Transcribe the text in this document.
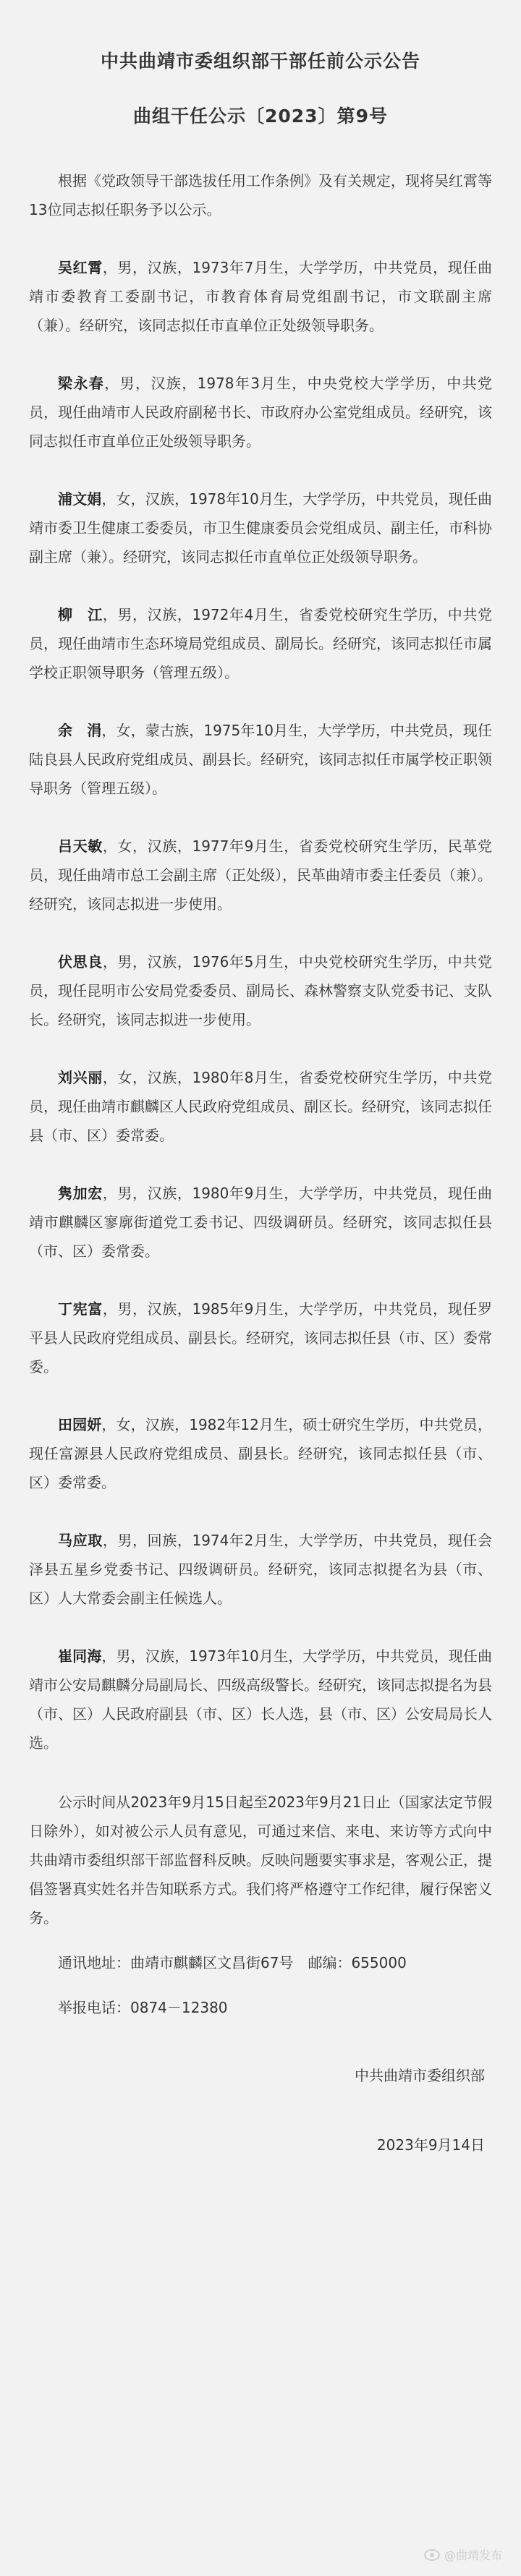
中共曲靖市委组织部干部任前公示公告
曲组干任公示〔2023〕第9号

根据《党政领导干部选拔任用工作条例》及有关规定，现将吴红霄等13位同志拟任职务予以公示。

吴红霄，男，汉族，1973年7月生，大学学历，中共党员，现任曲靖市委教育工委副书记，市教育体育局党组副书记，市文联副主席（兼）。经研究，该同志拟任市直单位正处级领导职务。

梁永春，男，汉族，1978年3月生，中央党校大学学历，中共党员，现任曲靖市人民政府副秘书长、市政府办公室党组成员。经研究，该同志拟任市直单位正处级领导职务。

浦文娟，女，汉族，1978年10月生，大学学历，中共党员，现任曲靖市委卫生健康工委委员，市卫生健康委员会党组成员、副主任，市科协副主席（兼）。经研究，该同志拟任市直单位正处级领导职务。

柳　江，男，汉族，1972年4月生，省委党校研究生学历，中共党员，现任曲靖市生态环境局党组成员、副局长。经研究，该同志拟任市属学校正职领导职务（管理五级）。

余　涓，女，蒙古族，1975年10月生，大学学历，中共党员，现任陆良县人民政府党组成员、副县长。经研究，该同志拟任市属学校正职领导职务（管理五级）。

吕天敏，女，汉族，1977年9月生，省委党校研究生学历，民革党员，现任曲靖市总工会副主席（正处级），民革曲靖市委主任委员（兼）。经研究，该同志拟进一步使用。

伏思良，男，汉族，1976年5月生，中央党校研究生学历，中共党员，现任昆明市公安局党委委员、副局长、森林警察支队党委书记、支队长。经研究，该同志拟进一步使用。

刘兴丽，女，汉族，1980年8月生，省委党校研究生学历，中共党员，现任曲靖市麒麟区人民政府党组成员、副区长。经研究，该同志拟任县（市、区）委常委。

隽加宏，男，汉族，1980年9月生，大学学历，中共党员，现任曲靖市麒麟区寥廓街道党工委书记、四级调研员。经研究，该同志拟任县（市、区）委常委。

丁宪富，男，汉族，1985年9月生，大学学历，中共党员，现任罗平县人民政府党组成员、副县长。经研究，该同志拟任县（市、区）委常委。

田园妍，女，汉族，1982年12月生，硕士研究生学历，中共党员，现任富源县人民政府党组成员、副县长。经研究，该同志拟任县（市、区）委常委。

马应取，男，回族，1974年2月生，大学学历，中共党员，现任会泽县五星乡党委书记、四级调研员。经研究，该同志拟提名为县（市、区）人大常委会副主任候选人。

崔同海，男，汉族，1973年10月生，大学学历，中共党员，现任曲靖市公安局麒麟分局副局长、四级高级警长。经研究，该同志拟提名为县（市、区）人民政府副县（市、区）长人选，县（市、区）公安局局长人选。

公示时间从2023年9月15日起至2023年9月21日止（国家法定节假日除外），如对被公示人员有意见，可通过来信、来电、来访等方式向中共曲靖市委组织部干部监督科反映。反映问题要实事求是，客观公正，提倡签署真实姓名并告知联系方式。我们将严格遵守工作纪律，履行保密义务。

通讯地址：曲靖市麒麟区文昌街67号　邮编：655000

举报电话：0874－12380

中共曲靖市委组织部
2023年9月14日
@曲靖发布
